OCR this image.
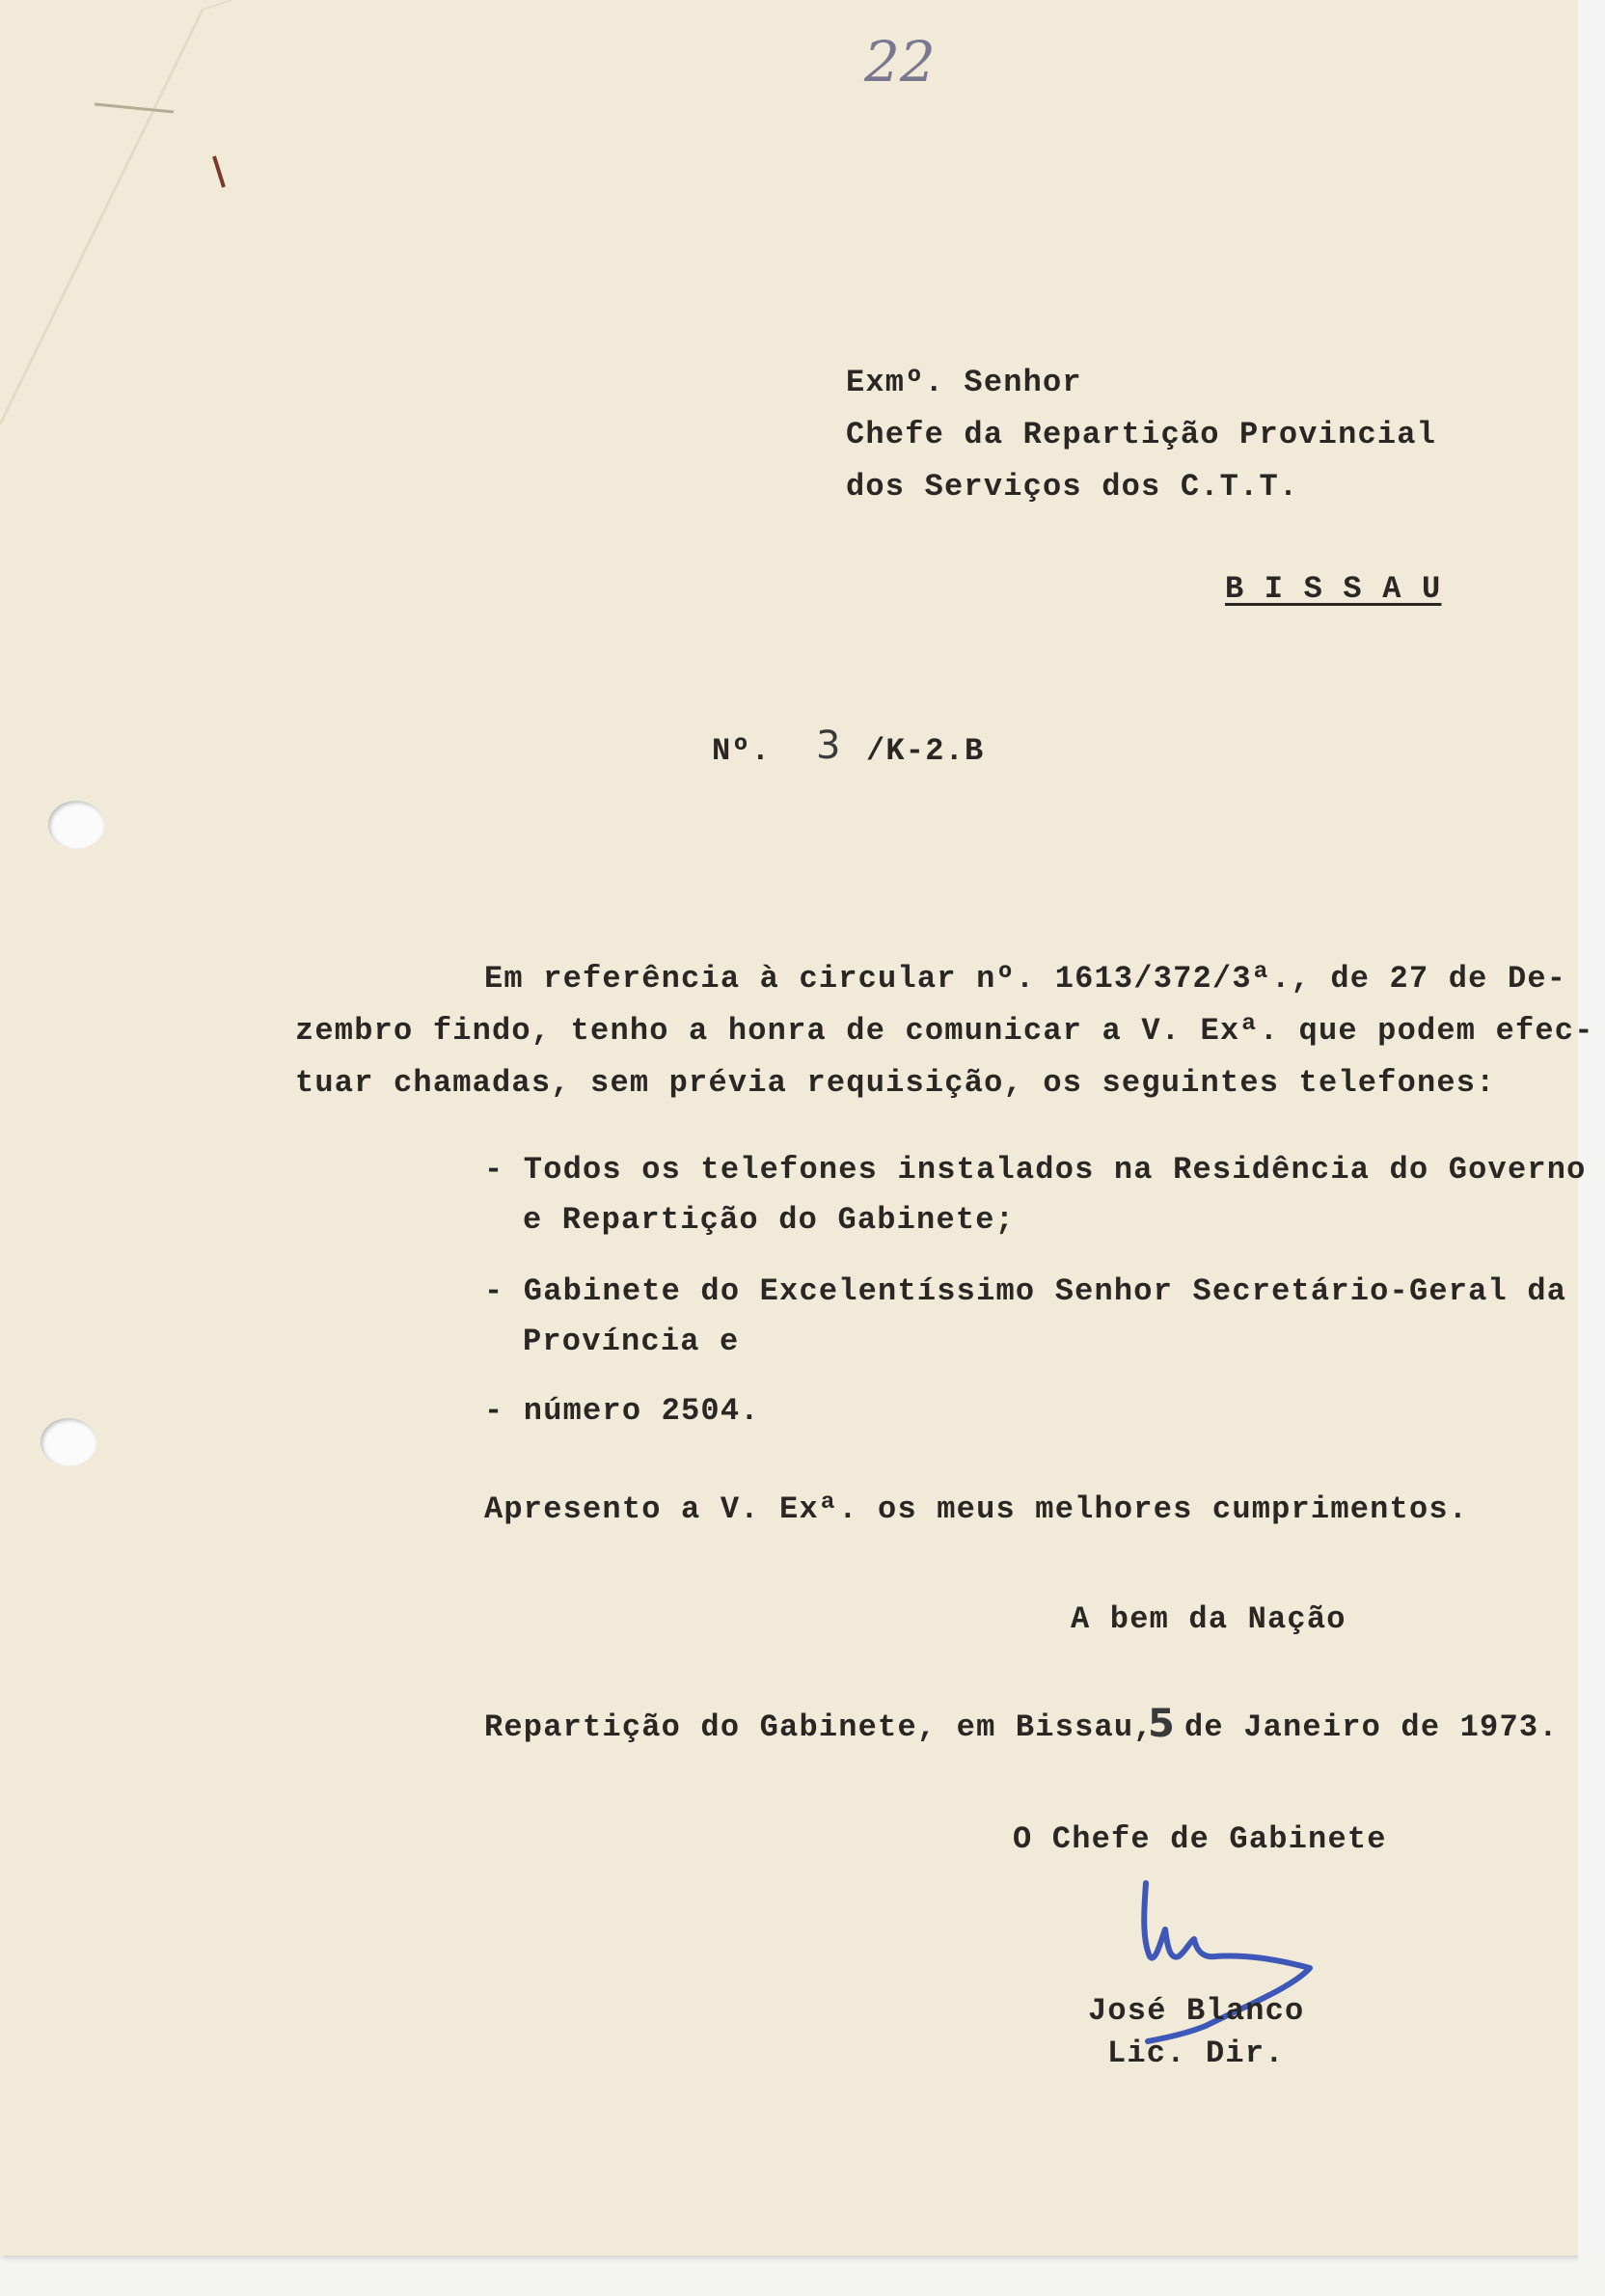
22

Exmº. Senhor

Chefe da Repartição Provincial

dos Serviços dos C.T.T.

B I S S A U

Nº. 3 /K-2.B

Em referência à circular nº. 1613/372/3ª., de 27 de De-

zembro findo, tenho a honra de comunicar a V. Exª. que podem efec-

tuar chamadas, sem prévia requisição, os seguintes telefones:

- Todos os telefones instalados na Residência do Governo

e Repartição do Gabinete;

- Gabinete do Excelentíssimo Senhor Secretário-Geral da

Província e

- número 2504.

Apresento a V. Exª. os meus melhores cumprimentos.

A bem da Nação

Repartição do Gabinete, em Bissau,

5 de Janeiro de 1973.

O Chefe de Gabinete

José Blanco

Lic. Dir.
